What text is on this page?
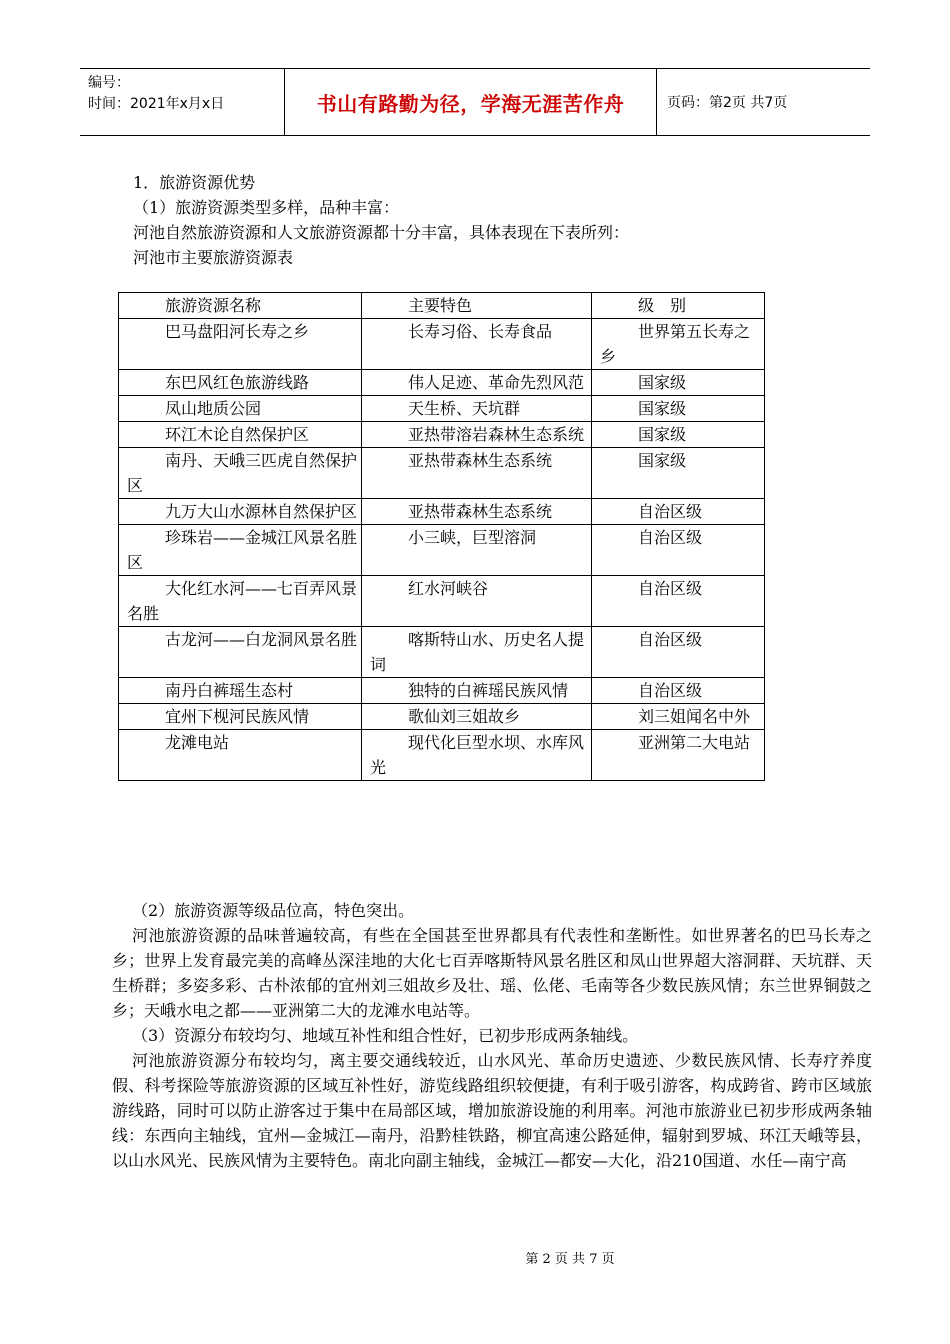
编号：
时间：2021年x月x日	书山有路勤为径，学海无涯苦作舟	页码：第2页 共7页

1．旅游资源优势

（1）旅游资源类型多样，品种丰富：

河池自然旅游资源和人文旅游资源都十分丰富，具体表现在下表所列：

河池市主要旅游资源表

旅游资源名称	主要特色	级　别

巴马盘阳河长寿之乡	长寿习俗、长寿食品	世界第五长寿之乡

东巴风红色旅游线路	伟人足迹、革命先烈风范	国家级

凤山地质公园	天生桥、天坑群	国家级

环江木论自然保护区	亚热带溶岩森林生态系统	国家级

南丹、天峨三匹虎自然保护区	亚热带森林生态系统	国家级

九万大山水源林自然保护区	亚热带森林生态系统	自治区级

珍珠岩——金城江风景名胜区	小三峡，巨型溶洞	自治区级

大化红水河——七百弄风景名胜	红水河峡谷	自治区级

古龙河——白龙洞风景名胜	喀斯特山水、历史名人提词	自治区级

南丹白裤瑶生态村	独特的白裤瑶民族风情	自治区级

宜州下枧河民族风情	歌仙刘三姐故乡	刘三姐闻名中外

龙滩电站	现代化巨型水坝、水库风光	亚洲第二大电站

（2）旅游资源等级品位高，特色突出。

河池旅游资源的品味普遍较高，有些在全国甚至世界都具有代表性和垄断性。如世界著名的巴马长寿之乡；世界上发育最完美的高峰丛深洼地的大化七百弄喀斯特风景名胜区和凤山世界超大溶洞群、天坑群、天生桥群；多姿多彩、古朴浓郁的宜州刘三姐故乡及壮、瑶、仫佬、毛南等各少数民族风情；东兰世界铜鼓之乡；天峨水电之都——亚洲第二大的龙滩水电站等。

（3）资源分布较均匀、地域互补性和组合性好，已初步形成两条轴线。

河池旅游资源分布较均匀，离主要交通线较近，山水风光、革命历史遗迹、少数民族风情、长寿疗养度假、科考探险等旅游资源的区域互补性好，游览线路组织较便捷，有利于吸引游客，构成跨省、跨市区域旅游线路，同时可以防止游客过于集中在局部区域，增加旅游设施的利用率。河池市旅游业已初步形成两条轴线：东西向主轴线，宜州—金城江—南丹，沿黔桂铁路，柳宜高速公路延伸，辐射到罗城、环江天峨等县，以山水风光、民族风情为主要特色。南北向副主轴线，金城江—都安—大化，沿210国道、水任—南宁高

第 2 页 共 7 页
